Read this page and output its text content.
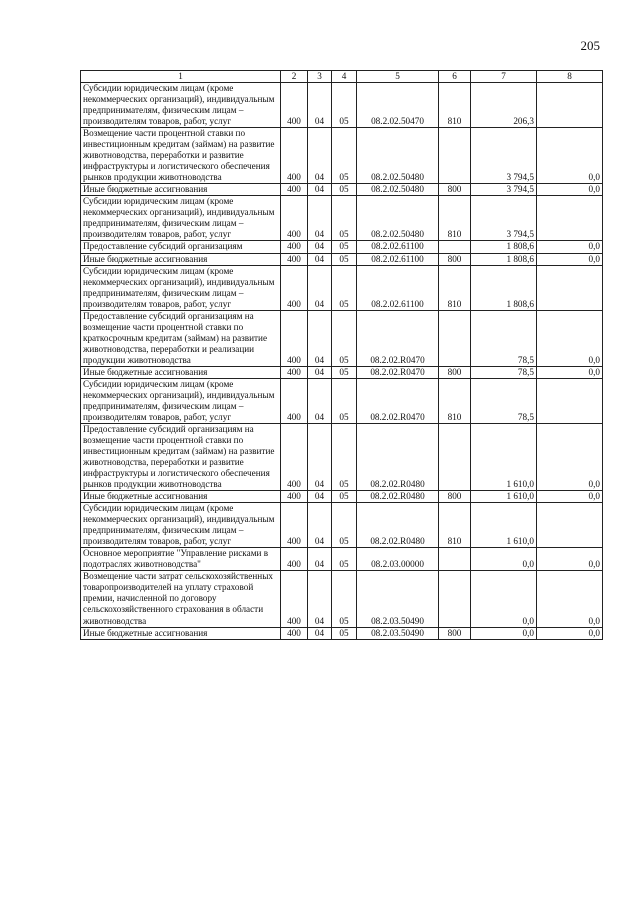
205
1	2	3	4	5	6	7	8
Субсидии юридическим лицам (кроме некоммерческих организаций), индивидуальным предпринимателям, физическим лицам – производителям товаров, работ, услуг	400	04	05	08.2.02.50470	810	206,3	
Возмещение части процентной ставки по инвестиционным кредитам (займам) на развитие животноводства, переработки и развитие инфраструктуры и логистического обеспечения рынков продукции животноводства	400	04	05	08.2.02.50480		3 794,5	0,0
Иные бюджетные ассигнования	400	04	05	08.2.02.50480	800	3 794,5	0,0
Субсидии юридическим лицам (кроме некоммерческих организаций), индивидуальным предпринимателям, физическим лицам – производителям товаров, работ, услуг	400	04	05	08.2.02.50480	810	3 794,5	
Предоставление субсидий организациям	400	04	05	08.2.02.61100		1 808,6	0,0
Иные бюджетные ассигнования	400	04	05	08.2.02.61100	800	1 808,6	0,0
Субсидии юридическим лицам (кроме некоммерческих организаций), индивидуальным предпринимателям, физическим лицам – производителям товаров, работ, услуг	400	04	05	08.2.02.61100	810	1 808,6	
Предоставление субсидий организациям на возмещение части процентной ставки по краткосрочным кредитам (займам) на развитие животноводства, переработки и реализации продукции животноводства	400	04	05	08.2.02.R0470		78,5	0,0
Иные бюджетные ассигнования	400	04	05	08.2.02.R0470	800	78,5	0,0
Субсидии юридическим лицам (кроме некоммерческих организаций), индивидуальным предпринимателям, физическим лицам – производителям товаров, работ, услуг	400	04	05	08.2.02.R0470	810	78,5	
Предоставление субсидий организациям на возмещение части процентной ставки по инвестиционным кредитам (займам) на развитие животноводства, переработки и развитие инфраструктуры и логистического обеспечения рынков продукции животноводства	400	04	05	08.2.02.R0480		1 610,0	0,0
Иные бюджетные ассигнования	400	04	05	08.2.02.R0480	800	1 610,0	0,0
Субсидии юридическим лицам (кроме некоммерческих организаций), индивидуальным предпринимателям, физическим лицам – производителям товаров, работ, услуг	400	04	05	08.2.02.R0480	810	1 610,0	
Основное мероприятие "Управление рисками в подотраслях животноводства"	400	04	05	08.2.03.00000		0,0	0,0
Возмещение части затрат сельскохозяйственных товаропроизводителей на уплату страховой премии, начисленной по договору сельскохозяйственного страхования в области животноводства	400	04	05	08.2.03.50490		0,0	0,0
Иные бюджетные ассигнования	400	04	05	08.2.03.50490	800	0,0	0,0
